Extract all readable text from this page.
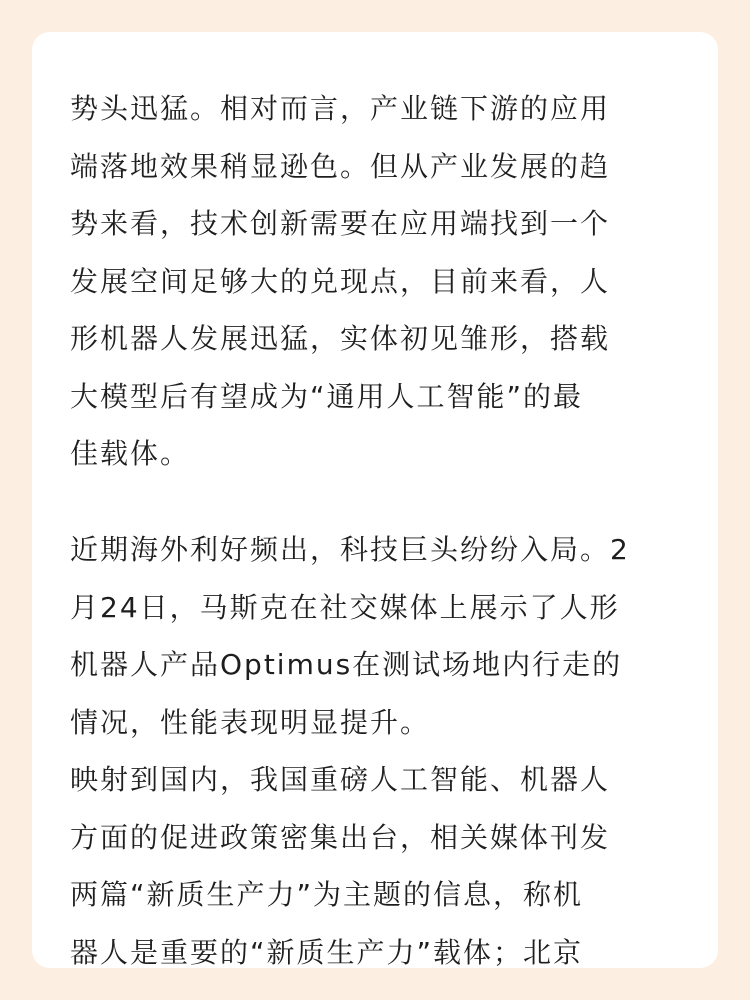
势头迅猛。相对而言，产业链下游的应用
端落地效果稍显逊色。但从产业发展的趋
势来看，技术创新需要在应用端找到一个
发展空间足够大的兑现点，目前来看，人
形机器人发展迅猛，实体初见雏形，搭载
大模型后有望成为“通用人工智能”的最
佳载体。

近期海外利好频出，科技巨头纷纷入局。2
月24日，马斯克在社交媒体上展示了人形
机器人产品Optimus在测试场地内行走的
情况，性能表现明显提升。

映射到国内，我国重磅人工智能、机器人
方面的促进政策密集出台，相关媒体刊发
两篇“新质生产力”为主题的信息，称机
器人是重要的“新质生产力”载体；北京
